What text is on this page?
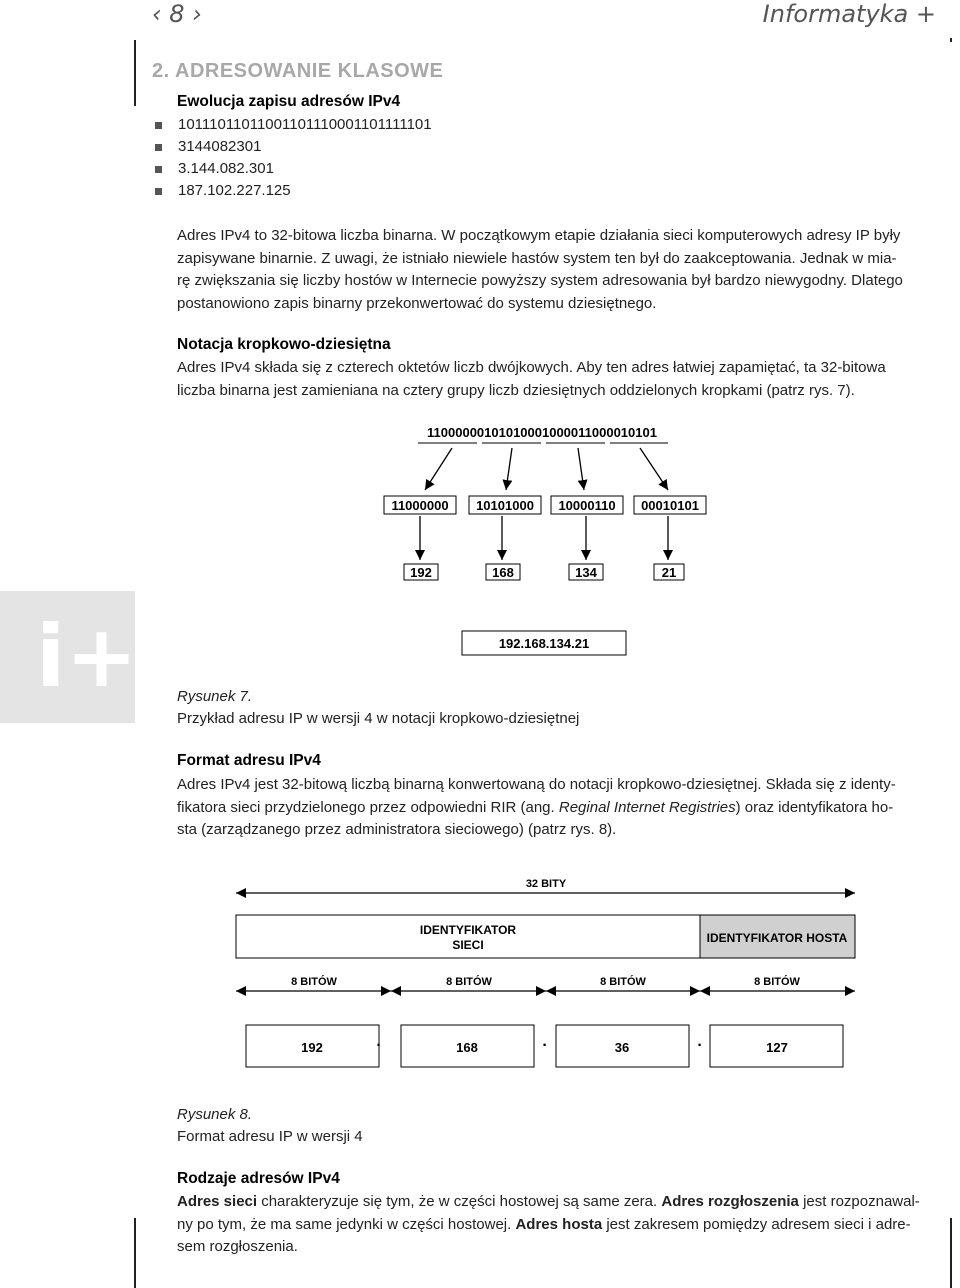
‹ 8 ›	Informatyka +
i+
2. ADRESOWANIE KLASOWE
Ewolucja zapisu adresów IPv4
10111011011001101110001101111101
3144082301
3.144.082.301
187.102.227.125
Adres IPv4 to 32-bitowa liczba binarna. W początkowym etapie działania sieci komputerowych adresy IP były
zapisywane binarnie. Z uwagi, że istniało niewiele hastów system ten był do zaakceptowania. Jednak w mia-
rę zwiększania się liczby hostów w Internecie powyższy system adresowania był bardzo niewygodny. Dlatego
postanowiono zapis binarny przekonwertować do systemu dziesiętnego.
Notacja kropkowo-dziesiętna
Adres IPv4 składa się z czterech oktetów liczb dwójkowych. Aby ten adres łatwiej zapamiętać, ta 32-bitowa
liczba binarna jest zamieniana na cztery grupy liczb dziesiętnych oddzielonych kropkami (patrz rys. 7).
11000000101010001000011000010101
11000000 10101000 10000110 00010101
192	168	134	21
192.168.134.21
Rysunek 7.
Przykład adresu IP w wersji 4 w notacji kropkowo-dziesiętnej
Format adresu IPv4
Adres IPv4 jest 32-bitową liczbą binarną konwertowaną do notacji kropkowo-dziesiętnej. Składa się z identy-
fikatora sieci przydzielonego przez odpowiedni RIR (ang. Reginal Internet Registries) oraz identyfikatora ho-
sta (zarządzanego przez administratora sieciowego) (patrz rys. 8).
32 BITY
IDENTYFIKATOR
SIECI	IDENTYFIKATOR HOSTA
8 BITÓW	8 BITÓW	8 BITÓW	8 BITÓW
192	168	36	127
·	·	·
Rysunek 8.
Format adresu IP w wersji 4
Rodzaje adresów IPv4
Adres sieci charakteryzuje się tym, że w części hostowej są same zera. Adres rozgłoszenia jest rozpoznawal-
ny po tym, że ma same jedynki w części hostowej. Adres hosta jest zakresem pomiędzy adresem sieci i adre-
sem rozgłoszenia.
